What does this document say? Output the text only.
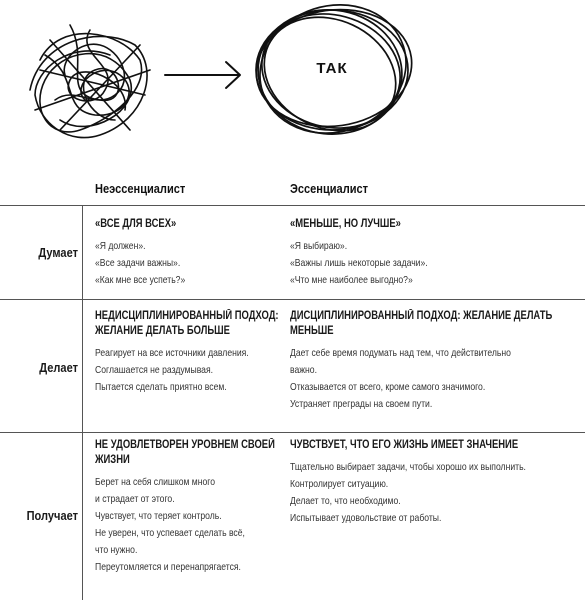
ТАК
Неэссенциалист	Эссенциалист
Думает
«ВСЕ ДЛЯ ВСЕХ»
«Я должен».
«Все задачи важны».
«Как мне все успеть?»
«МЕНЬШЕ, НО ЛУЧШЕ»
«Я выбираю».
«Важны лишь некоторые задачи».
«Что мне наиболее выгодно?»
Делает
НЕДИСЦИПЛИНИРОВАННЫЙ ПОДХОД: ЖЕЛАНИЕ ДЕЛАТЬ БОЛЬШЕ
Реагирует на все источники давления.
Соглашается не раздумывая.
Пытается сделать приятно всем.
ДИСЦИПЛИНИРОВАННЫЙ ПОДХОД: ЖЕЛАНИЕ ДЕЛАТЬ МЕНЬШЕ
Дает себе время подумать над тем, что действительно
важно.
Отказывается от всего, кроме самого значимого.
Устраняет преграды на своем пути.
Получает
НЕ УДОВЛЕТВОРЕН УРОВНЕМ СВОЕЙ ЖИЗНИ
Берет на себя слишком много
и страдает от этого.
Чувствует, что теряет контроль.
Не уверен, что успевает сделать всё,
что нужно.
Переутомляется и перенапрягается.
ЧУВСТВУЕТ, ЧТО ЕГО ЖИЗНЬ ИМЕЕТ ЗНАЧЕНИЕ
Тщательно выбирает задачи, чтобы хорошо их выполнить.
Контролирует ситуацию.
Делает то, что необходимо.
Испытывает удовольствие от работы.
